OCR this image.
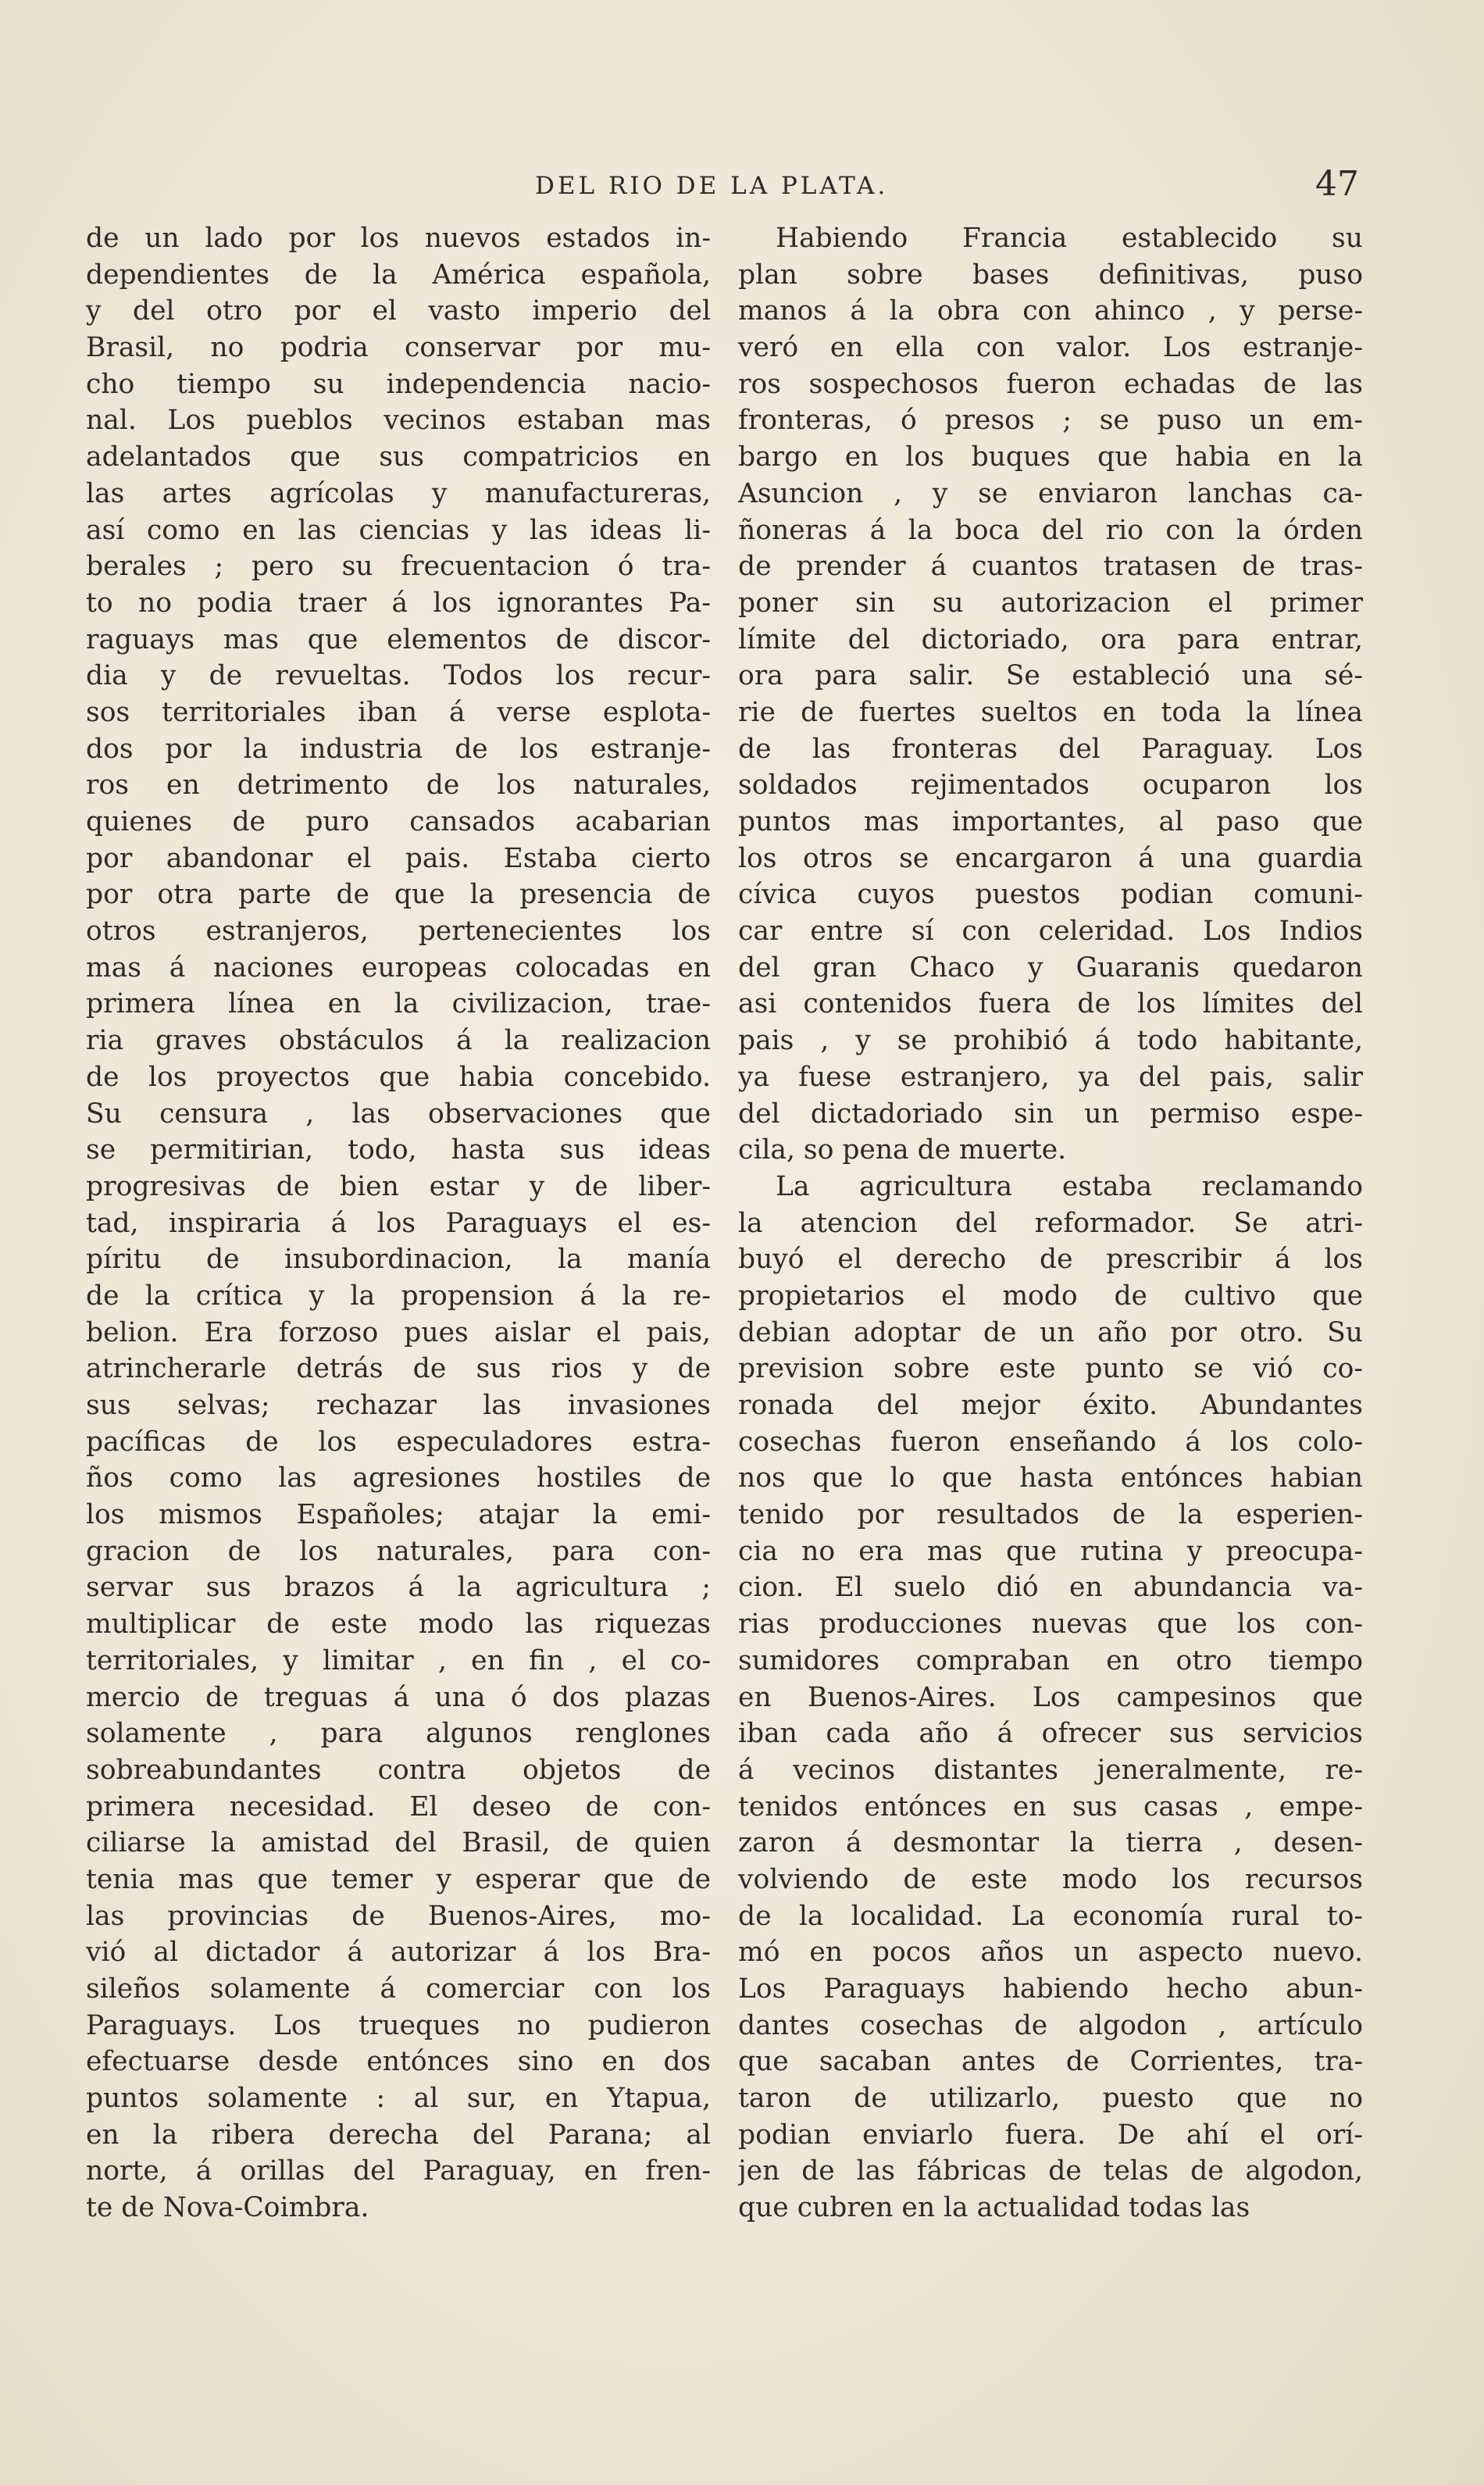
DEL RIO DE LA PLATA.	47
de un lado por los nuevos estados in-
dependientes de la América española,
y del otro por el vasto imperio del
Brasil, no podria conservar por mu-
cho tiempo su independencia nacio-
nal. Los pueblos vecinos estaban mas
adelantados que sus compatricios en
las artes agrícolas y manufactureras,
así como en las ciencias y las ideas li-
berales ; pero su frecuentacion ó tra-
to no podia traer á los ignorantes Pa-
raguays mas que elementos de discor-
dia y de revueltas. Todos los recur-
sos territoriales iban á verse esplota-
dos por la industria de los estranje-
ros en detrimento de los naturales,
quienes de puro cansados acabarian
por abandonar el pais. Estaba cierto
por otra parte de que la presencia de
otros estranjeros, pertenecientes los
mas á naciones europeas colocadas en
primera línea en la civilizacion, trae-
ria graves obstáculos á la realizacion
de los proyectos que habia concebido.
Su censura , las observaciones que
se permitirian, todo, hasta sus ideas
progresivas de bien estar y de liber-
tad, inspiraria á los Paraguays el es-
píritu de insubordinacion, la manía
de la crítica y la propension á la re-
belion. Era forzoso pues aislar el pais,
atrincherarle detrás de sus rios y de
sus selvas; rechazar las invasiones
pacíficas de los especuladores estra-
ños como las agresiones hostiles de
los mismos Españoles; atajar la emi-
gracion de los naturales, para con-
servar sus brazos á la agricultura ;
multiplicar de este modo las riquezas
territoriales, y limitar , en fin , el co-
mercio de treguas á una ó dos plazas
solamente , para algunos renglones
sobreabundantes contra objetos de
primera necesidad. El deseo de con-
ciliarse la amistad del Brasil, de quien
tenia mas que temer y esperar que de
las provincias de Buenos-Aires, mo-
vió al dictador á autorizar á los Bra-
sileños solamente á comerciar con los
Paraguays. Los trueques no pudieron
efectuarse desde entónces sino en dos
puntos solamente : al sur, en Ytapua,
en la ribera derecha del Parana; al
norte, á orillas del Paraguay, en fren-
te de Nova-Coimbra.
Habiendo Francia establecido su
plan sobre bases definitivas, puso
manos á la obra con ahinco , y perse-
veró en ella con valor. Los estranje-
ros sospechosos fueron echadas de las
fronteras, ó presos ; se puso un em-
bargo en los buques que habia en la
Asuncion , y se enviaron lanchas ca-
ñoneras á la boca del rio con la órden
de prender á cuantos tratasen de tras-
poner sin su autorizacion el primer
límite del dictoriado, ora para entrar,
ora para salir. Se estableció una sé-
rie de fuertes sueltos en toda la línea
de las fronteras del Paraguay. Los
soldados rejimentados ocuparon los
puntos mas importantes, al paso que
los otros se encargaron á una guardia
cívica cuyos puestos podian comuni-
car entre sí con celeridad. Los Indios
del gran Chaco y Guaranis quedaron
asi contenidos fuera de los límites del
pais , y se prohibió á todo habitante,
ya fuese estranjero, ya del pais, salir
del dictadoriado sin un permiso espe-
cila, so pena de muerte.
La agricultura estaba reclamando
la atencion del reformador. Se atri-
buyó el derecho de prescribir á los
propietarios el modo de cultivo que
debian adoptar de un año por otro. Su
prevision sobre este punto se vió co-
ronada del mejor éxito. Abundantes
cosechas fueron enseñando á los colo-
nos que lo que hasta entónces habian
tenido por resultados de la esperien-
cia no era mas que rutina y preocupa-
cion. El suelo dió en abundancia va-
rias producciones nuevas que los con-
sumidores compraban en otro tiempo
en Buenos-Aires. Los campesinos que
iban cada año á ofrecer sus servicios
á vecinos distantes jeneralmente, re-
tenidos entónces en sus casas , empe-
zaron á desmontar la tierra , desen-
volviendo de este modo los recursos
de la localidad. La economía rural to-
mó en pocos años un aspecto nuevo.
Los Paraguays habiendo hecho abun-
dantes cosechas de algodon , artículo
que sacaban antes de Corrientes, tra-
taron de utilizarlo, puesto que no
podian enviarlo fuera. De ahí el orí-
jen de las fábricas de telas de algodon,
que cubren en la actualidad todas las
